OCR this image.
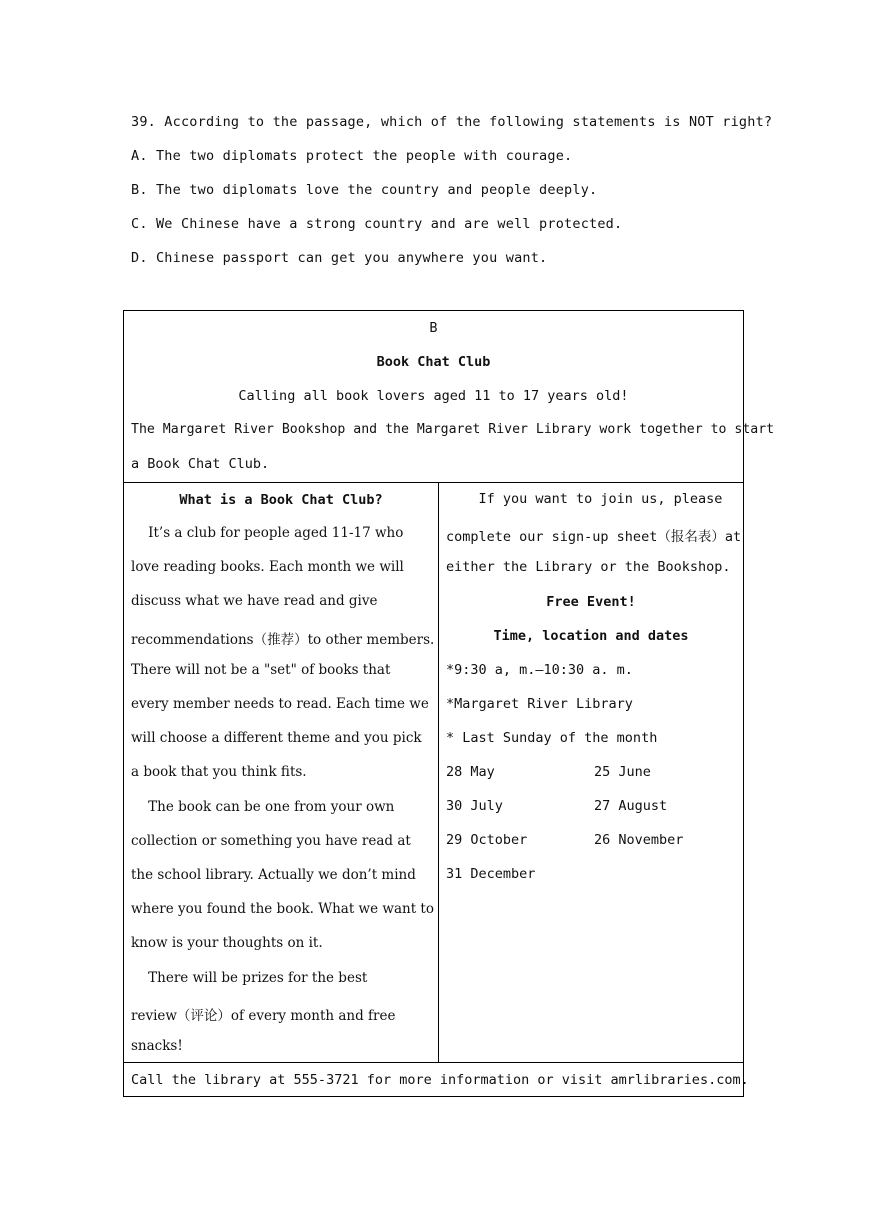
39. According to the passage, which of the following statements is NOT right?
A. The two diplomats protect the people with courage.
B. The two diplomats love the country and people deeply.
C. We Chinese have a strong country and are well protected.
D. Chinese passport can get you anywhere you want.
B
Book Chat Club
Calling all book lovers aged 11 to 17 years old!
The Margaret River Bookshop and the Margaret River Library work together to start
a Book Chat Club.
What is a Book Chat Club?
It’s a club for people aged 11-17 who
love reading books. Each month we will
discuss what we have read and give
recommendations（推荐）to other members.
There will not be a "set" of books that
every member needs to read. Each time we
will choose a different theme and you pick
a book that you think fits.
The book can be one from your own
collection or something you have read at
the school library. Actually we don’t mind
where you found the book. What we want to
know is your thoughts on it.
There will be prizes for the best
review（评论）of every month and free
snacks!
If you want to join us, please
complete our sign-up sheet（报名表）at
either the Library or the Bookshop.
Free Event!
Time, location and dates
*9:30 a, m.—10:30 a. m.
*Margaret River Library
* Last Sunday of the month
28 May	25 June
30 July	27 August
29 October	26 November
31 December
Call the library at 555-3721 for more information or visit amrlibraries.com.
